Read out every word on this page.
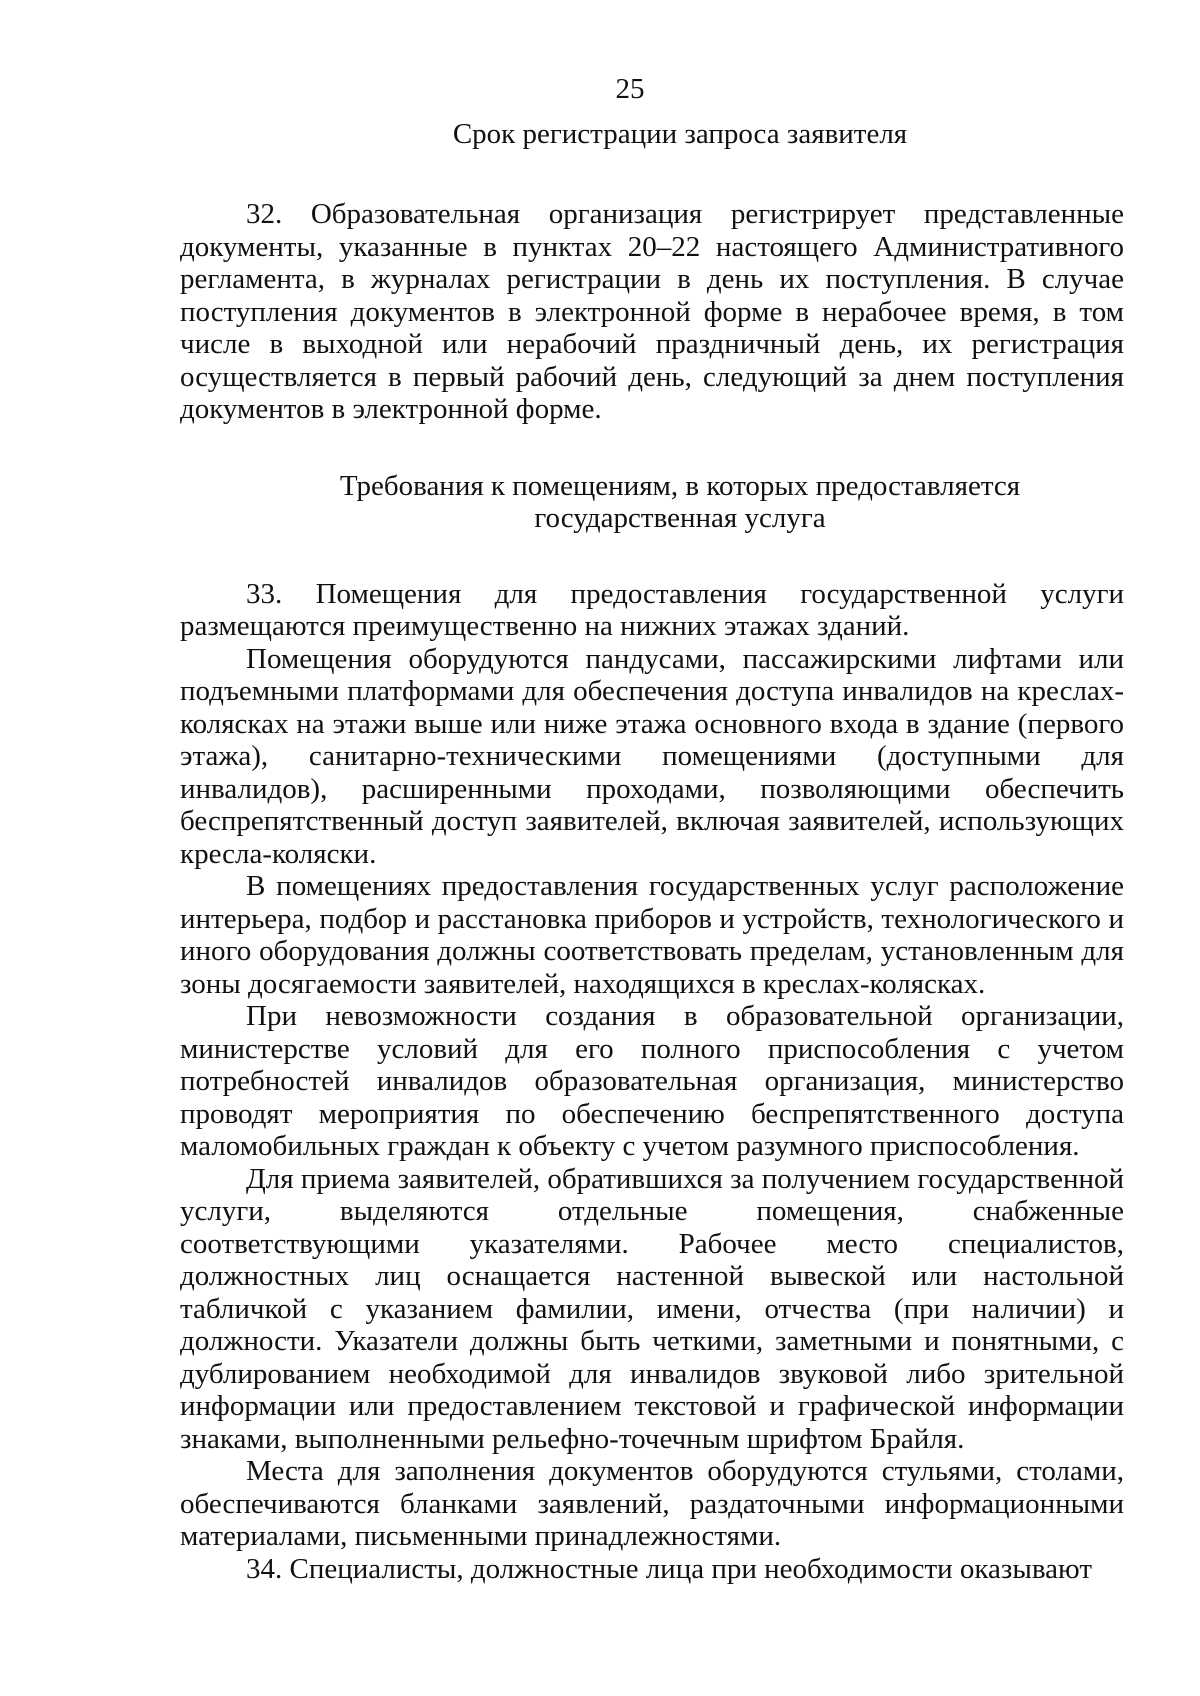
25
Срок регистрации запроса заявителя

32. Образовательная организация регистрирует представленные документы, указанные в пунктах 20–22 настоящего Административного регламента, в журналах регистрации в день их поступления. В случае поступления документов в электронной форме в нерабочее время, в том числе в выходной или нерабочий праздничный день, их регистрация осуществляется в первый рабочий день, следующий за днем поступления документов в электронной форме.

Требования к помещениям, в которых предоставляется государственная услуга

33. Помещения для предоставления государственной услуги размещаются преимущественно на нижних этажах зданий.

Помещения оборудуются пандусами, пассажирскими лифтами или подъемными платформами для обеспечения доступа инвалидов на креслах-колясках на этажи выше или ниже этажа основного входа в здание (первого этажа), санитарно-техническими помещениями (доступными для инвалидов), расширенными проходами, позволяющими обеспечить беспрепятственный доступ заявителей, включая заявителей, использующих кресла-коляски.

В помещениях предоставления государственных услуг расположение интерьера, подбор и расстановка приборов и устройств, технологического и иного оборудования должны соответствовать пределам, установленным для зоны досягаемости заявителей, находящихся в креслах-колясках.

При невозможности создания в образовательной организации, министерстве условий для его полного приспособления с учетом потребностей инвалидов образовательная организация, министерство проводят мероприятия по обеспечению беспрепятственного доступа маломобильных граждан к объекту с учетом разумного приспособления.

Для приема заявителей, обратившихся за получением государственной услуги, выделяются отдельные помещения, снабженные соответствующими указателями. Рабочее место специалистов, должностных лиц оснащается настенной вывеской или настольной табличкой с указанием фамилии, имени, отчества (при наличии) и должности. Указатели должны быть четкими, заметными и понятными, с дублированием необходимой для инвалидов звуковой либо зрительной информации или предоставлением текстовой и графической информации знаками, выполненными рельефно-точечным шрифтом Брайля.

Места для заполнения документов оборудуются стульями, столами, обеспечиваются бланками заявлений, раздаточными информационными материалами, письменными принадлежностями.

34. Специалисты, должностные лица при необходимости оказывают
